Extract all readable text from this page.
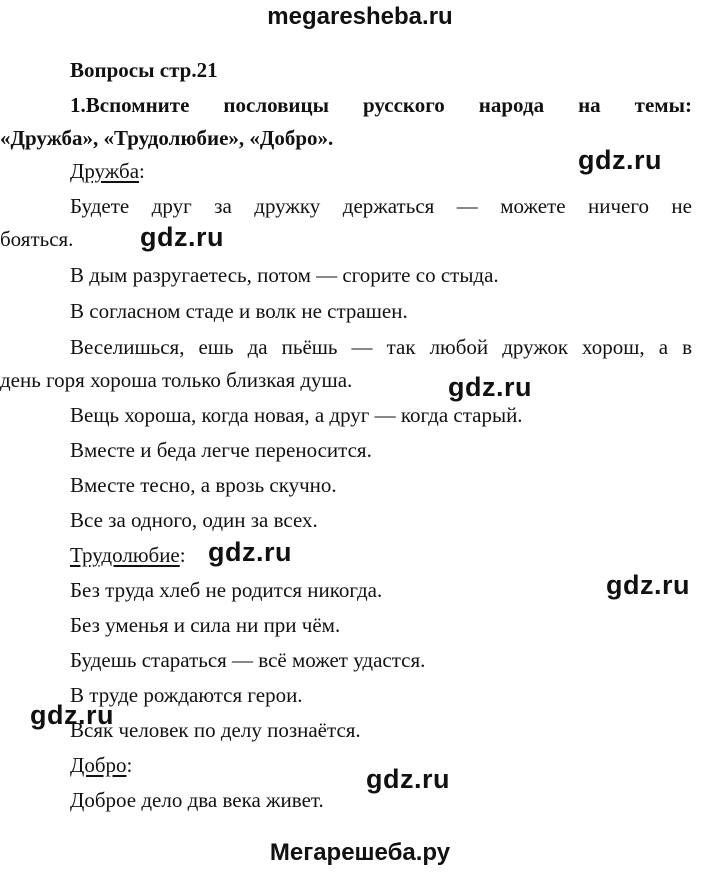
megaresheba.ru

Вопросы стр.21

1.Вспомните пословицы русского народа на темы:

«Дружба», «Трудолюбие», «Добро».

Дружба:

Будете друг за дружку держаться — можете ничего не

бояться.

В дым разругаетесь, потом — сгорите со стыда.

В согласном стаде и волк не страшен.

Веселишься, ешь да пьёшь — так любой дружок хорош, а в

день горя хороша только близкая душа.

Вещь хороша, когда новая, а друг — когда старый.

Вместе и беда легче переносится.

Вместе тесно, а врозь скучно.

Все за одного, один за всех.

Трудолюбие:

Без труда хлеб не родится никогда.

Без уменья и сила ни при чём.

Будешь стараться — всё может удастся.

В труде рождаются герои.

Всяк человек по делу познаётся.

Добро:

Доброе дело два века живет.

gdz.ru
gdz.ru
gdz.ru
gdz.ru
gdz.ru
gdz.ru
gdz.ru
Мегарешеба.ру
